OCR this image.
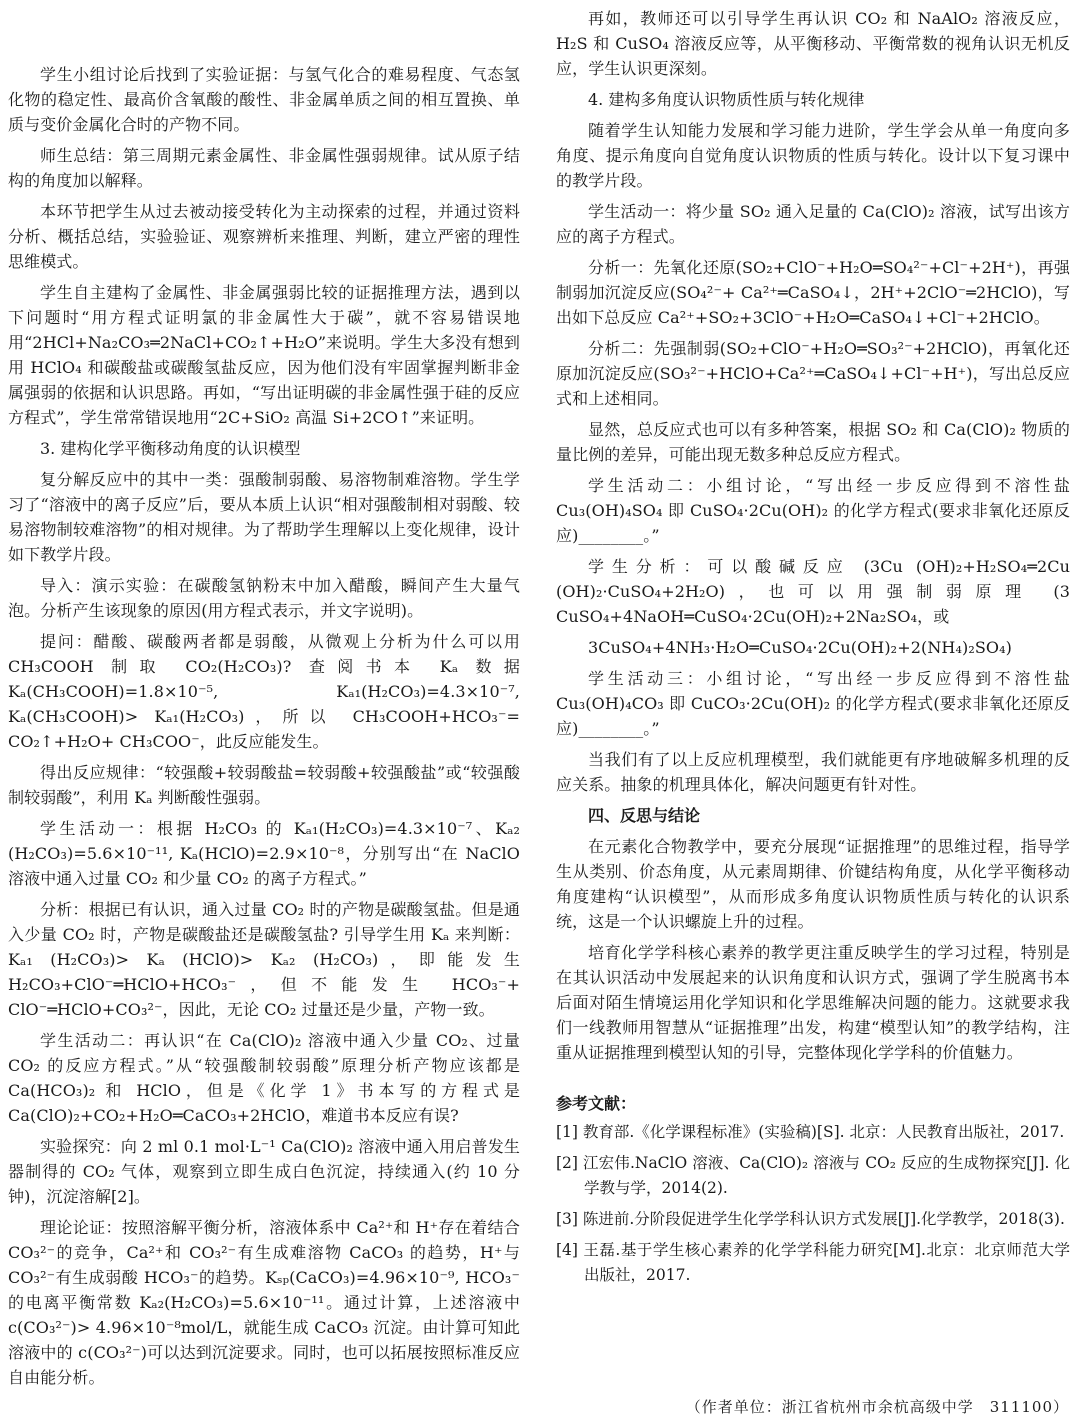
学生小组讨论后找到了实验证据：与氢气化合的难易程度、气态氢化物的稳定性、最高价含氧酸的酸性、非金属单质之间的相互置换、单质与变价金属化合时的产物不同。

师生总结：第三周期元素金属性、非金属性强弱规律。试从原子结构的角度加以解释。

本环节把学生从过去被动接受转化为主动探索的过程，并通过资料分析、概括总结，实验验证、观察辨析来推理、判断，建立严密的理性思维模式。

学生自主建构了金属性、非金属强弱比较的证据推理方法，遇到以下问题时“用方程式证明氯的非金属性大于碳”，就不容易错误地用“2HCl+Na₂CO₃═2NaCl+CO₂↑+H₂O”来说明。学生大多没有想到用 HClO₄ 和碳酸盐或碳酸氢盐反应，因为他们没有牢固掌握判断非金属强弱的依据和认识思路。再如，“写出证明碳的非金属性强于硅的反应方程式”，学生常常错误地用“2C+SiO₂ 高温 Si+2CO↑”来证明。

3. 建构化学平衡移动角度的认识模型

复分解反应中的其中一类：强酸制弱酸、易溶物制难溶物。学生学习了“溶液中的离子反应”后，要从本质上认识“相对强酸制相对弱酸、较易溶物制较难溶物”的相对规律。为了帮助学生理解以上变化规律，设计如下教学片段。

导入：演示实验：在碳酸氢钠粉末中加入醋酸，瞬间产生大量气泡。分析产生该现象的原因(用方程式表示，并文字说明)。

提问：醋酸、碳酸两者都是弱酸，从微观上分析为什么可以用 CH₃COOH 制取 CO₂(H₂CO₃)? 查阅书本 Kₐ 数据 Kₐ(CH₃COOH)=1.8×10⁻⁵, Kₐ₁(H₂CO₃)=4.3×10⁻⁷, Kₐ(CH₃COOH)> Kₐ₁(H₂CO₃)，所以 CH₃COOH+HCO₃⁻= CO₂↑+H₂O+ CH₃COO⁻，此反应能发生。

得出反应规律：“较强酸+较弱酸盐=较弱酸+较强酸盐”或“较强酸制较弱酸”，利用 Kₐ 判断酸性强弱。

学生活动一：根据 H₂CO₃ 的 Kₐ₁(H₂CO₃)=4.3×10⁻⁷、Kₐ₂ (H₂CO₃)=5.6×10⁻¹¹, Kₐ(HClO)=2.9×10⁻⁸，分别写出“在 NaClO 溶液中通入过量 CO₂ 和少量 CO₂ 的离子方程式。”

分析：根据已有认识，通入过量 CO₂ 时的产物是碳酸氢盐。但是通入少量 CO₂ 时，产物是碳酸盐还是碳酸氢盐? 引导学生用 Kₐ 来判断：Kₐ₁ (H₂CO₃)> Kₐ (HClO)> Kₐ₂ (H₂CO₃)，即能发生 H₂CO₃+ClO⁻═HClO+HCO₃⁻，但不能发生 HCO₃⁻+ ClO⁻═HClO+CO₃²⁻，因此，无论 CO₂ 过量还是少量，产物一致。

学生活动二：再认识“在 Ca(ClO)₂ 溶液中通入少量 CO₂、过量 CO₂ 的反应方程式。”从“较强酸制较弱酸”原理分析产物应该都是 Ca(HCO₃)₂ 和 HClO，但是《化学 1》书本写的方程式是 Ca(ClO)₂+CO₂+H₂O═CaCO₃+2HClO，难道书本反应有误?

实验探究：向 2 ml 0.1 mol·L⁻¹ Ca(ClO)₂ 溶液中通入用启普发生器制得的 CO₂ 气体，观察到立即生成白色沉淀，持续通入(约 10 分钟)，沉淀溶解[2]。

理论论证：按照溶解平衡分析，溶液体系中 Ca²⁺和 H⁺存在着结合 CO₃²⁻的竞争，Ca²⁺和 CO₃²⁻有生成难溶物 CaCO₃ 的趋势，H⁺与 CO₃²⁻有生成弱酸 HCO₃⁻的趋势。Kₛₚ(CaCO₃)=4.96×10⁻⁹, HCO₃⁻的电离平衡常数 Kₐ₂(H₂CO₃)=5.6×10⁻¹¹。通过计算，上述溶液中 c(CO₃²⁻)> 4.96×10⁻⁸mol/L，就能生成 CaCO₃ 沉淀。由计算可知此溶液中的 c(CO₃²⁻)可以达到沉淀要求。同时，也可以拓展按照标准反应自由能分析。

再如，教师还可以引导学生再认识 CO₂ 和 NaAlO₂ 溶液反应，H₂S 和 CuSO₄ 溶液反应等，从平衡移动、平衡常数的视角认识无机反应，学生认识更深刻。

4. 建构多角度认识物质性质与转化规律

随着学生认知能力发展和学习能力进阶，学生学会从单一角度向多角度、提示角度向自觉角度认识物质的性质与转化。设计以下复习课中的教学片段。

学生活动一：将少量 SO₂ 通入足量的 Ca(ClO)₂ 溶液，试写出该方应的离子方程式。

分析一：先氧化还原(SO₂+ClO⁻+H₂O═SO₄²⁻+Cl⁻+2H⁺)，再强制弱加沉淀反应(SO₄²⁻+ Ca²⁺═CaSO₄↓，2H⁺+2ClO⁻═2HClO)，写出如下总反应 Ca²⁺+SO₂+3ClO⁻+H₂O═CaSO₄↓+Cl⁻+2HClO。

分析二：先强制弱(SO₂+ClO⁻+H₂O═SO₃²⁻+2HClO)，再氧化还原加沉淀反应(SO₃²⁻+HClO+Ca²⁺═CaSO₄↓+Cl⁻+H⁺)，写出总反应式和上述相同。

显然，总反应式也可以有多种答案，根据 SO₂ 和 Ca(ClO)₂ 物质的量比例的差异，可能出现无数多种总反应方程式。

学生活动二：小组讨论，“写出经一步反应得到不溶性盐 Cu₃(OH)₄SO₄ 即 CuSO₄·2Cu(OH)₂ 的化学方程式(要求非氧化还原反应)________。”

学生分析：可以酸碱反应 (3Cu (OH)₂+H₂SO₄═2Cu (OH)₂·CuSO₄+2H₂O)，也可以用强制弱原理 (3 CuSO₄+4NaOH═CuSO₄·2Cu(OH)₂+2Na₂SO₄，或

3CuSO₄+4NH₃·H₂O═CuSO₄·2Cu(OH)₂+2(NH₄)₂SO₄)

学生活动三：小组讨论，“写出经一步反应得到不溶性盐 Cu₃(OH)₄CO₃ 即 CuCO₃·2Cu(OH)₂ 的化学方程式(要求非氧化还原反应)________。”

当我们有了以上反应机理模型，我们就能更有序地破解多机理的反应关系。抽象的机理具体化，解决问题更有针对性。

四、反思与结论

在元素化合物教学中，要充分展现“证据推理”的思维过程，指导学生从类别、价态角度，从元素周期律、价键结构角度，从化学平衡移动角度建构“认识模型”，从而形成多角度认识物质性质与转化的认识系统，这是一个认识螺旋上升的过程。

培育化学学科核心素养的教学更注重反映学生的学习过程，特别是在其认识活动中发展起来的认识角度和认识方式，强调了学生脱离书本后面对陌生情境运用化学知识和化学思维解决问题的能力。这就要求我们一线教师用智慧从“证据推理”出发，构建“模型认知”的教学结构，注重从证据推理到模型认知的引导，完整体现化学学科的价值魅力。

参考文献：

[1] 教育部.《化学课程标准》(实验稿)[S]. 北京：人民教育出版社，2017.

[2] 江宏伟.NaClO 溶液、Ca(ClO)₂ 溶液与 CO₂ 反应的生成物探究[J]. 化学教与学，2014(2).

[3] 陈进前.分阶段促进学生化学学科认识方式发展[J].化学教学，2018(3).

[4] 王磊.基于学生核心素养的化学学科能力研究[M].北京：北京师范大学出版社，2017.

（作者单位：浙江省杭州市余杭高级中学　311100）
